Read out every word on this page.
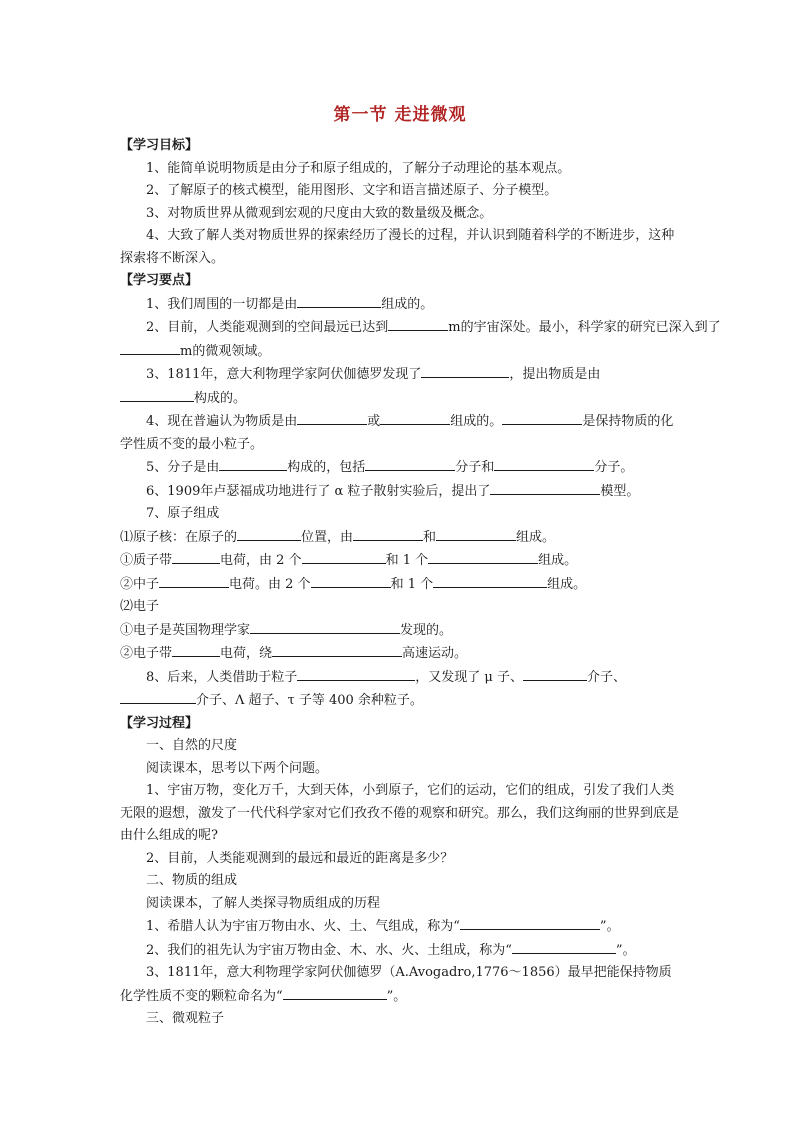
第一节 走进微观
【学习目标】

1、能简单说明物质是由分子和原子组成的，了解分子动理论的基本观点。

2、了解原子的核式模型，能用图形、文字和语言描述原子、分子模型。

3、对物质世界从微观到宏观的尺度由大致的数量级及概念。

4、大致了解人类对物质世界的探索经历了漫长的过程，并认识到随着科学的不断进步，这种探索将不断深入。

【学习要点】

1、我们周围的一切都是由	组成的。

2、目前，人类能观测到的空间最远已达到	m的宇宙深处。最小，科学家的研究已深入到了

m的微观领域。

3、1811年，意大利物理学家阿伏伽德罗发现了	，提出物质是由

构成的。

4、现在普遍认为物质是由	或	组成的。	是保持物质的化学性质不变的最小粒子。

5、分子是由	构成的，包括	分子和	分子。

6、1909年卢瑟福成功地进行了 α 粒子散射实验后，提出了	模型。

7、原子组成

⑴原子核：在原子的	位置，由	和	组成。

①质子带	电荷，由 2 个	和 1 个	组成。

②中子	电荷。由 2 个	和 1 个	组成。

⑵电子

①电子是英国物理学家	发现的。

②电子带	电荷，绕	高速运动。

8、后来，人类借助于粒子	，又发现了 μ 子、	介子、

介子、Λ 超子、τ 子等 400 余种粒子。

【学习过程】

一、自然的尺度

阅读课本，思考以下两个问题。

1、宇宙万物，变化万千，大到天体，小到原子，它们的运动，它们的组成，引发了我们人类无限的遐想，激发了一代代科学家对它们孜孜不倦的观察和研究。那么，我们这绚丽的世界到底是由什么组成的呢?

2、目前，人类能观测到的最远和最近的距离是多少？

二、物质的组成

阅读课本，了解人类探寻物质组成的历程

1、希腊人认为宇宙万物由水、火、土、气组成，称为“	”。

2、我们的祖先认为宇宙万物由金、木、水、火、土组成，称为“	”。

3、1811年，意大利物理学家阿伏伽德罗（A.Avogadro,1776～1856）最早把能保持物质化学性质不变的颗粒命名为“	”。

三、微观粒子
